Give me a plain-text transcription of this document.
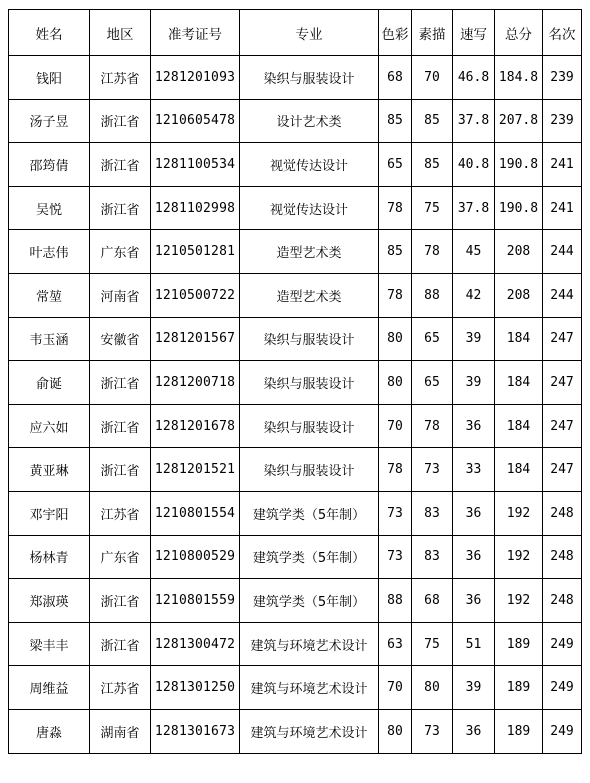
姓名	地区	准考证号	专业	色彩	素描	速写	总分	名次
钱阳	江苏省	1281201093	染织与服装设计	68	70	46.8	184.8	239
汤子昱	浙江省	1210605478	设计艺术类	85	85	37.8	207.8	239
邵筠倩	浙江省	1281100534	视觉传达设计	65	85	40.8	190.8	241
吴悦	浙江省	1281102998	视觉传达设计	78	75	37.8	190.8	241
叶志伟	广东省	1210501281	造型艺术类	85	78	45	208	244
常堃	河南省	1210500722	造型艺术类	78	88	42	208	244
韦玉涵	安徽省	1281201567	染织与服装设计	80	65	39	184	247
俞诞	浙江省	1281200718	染织与服装设计	80	65	39	184	247
应六如	浙江省	1281201678	染织与服装设计	70	78	36	184	247
黄亚琳	浙江省	1281201521	染织与服装设计	78	73	33	184	247
邓宇阳	江苏省	1210801554	建筑学类（5年制）	73	83	36	192	248
杨林青	广东省	1210800529	建筑学类（5年制）	73	83	36	192	248
郑淑瑛	浙江省	1210801559	建筑学类（5年制）	88	68	36	192	248
梁丰丰	浙江省	1281300472	建筑与环境艺术设计	63	75	51	189	249
周维益	江苏省	1281301250	建筑与环境艺术设计	70	80	39	189	249
唐淼	湖南省	1281301673	建筑与环境艺术设计	80	73	36	189	249
